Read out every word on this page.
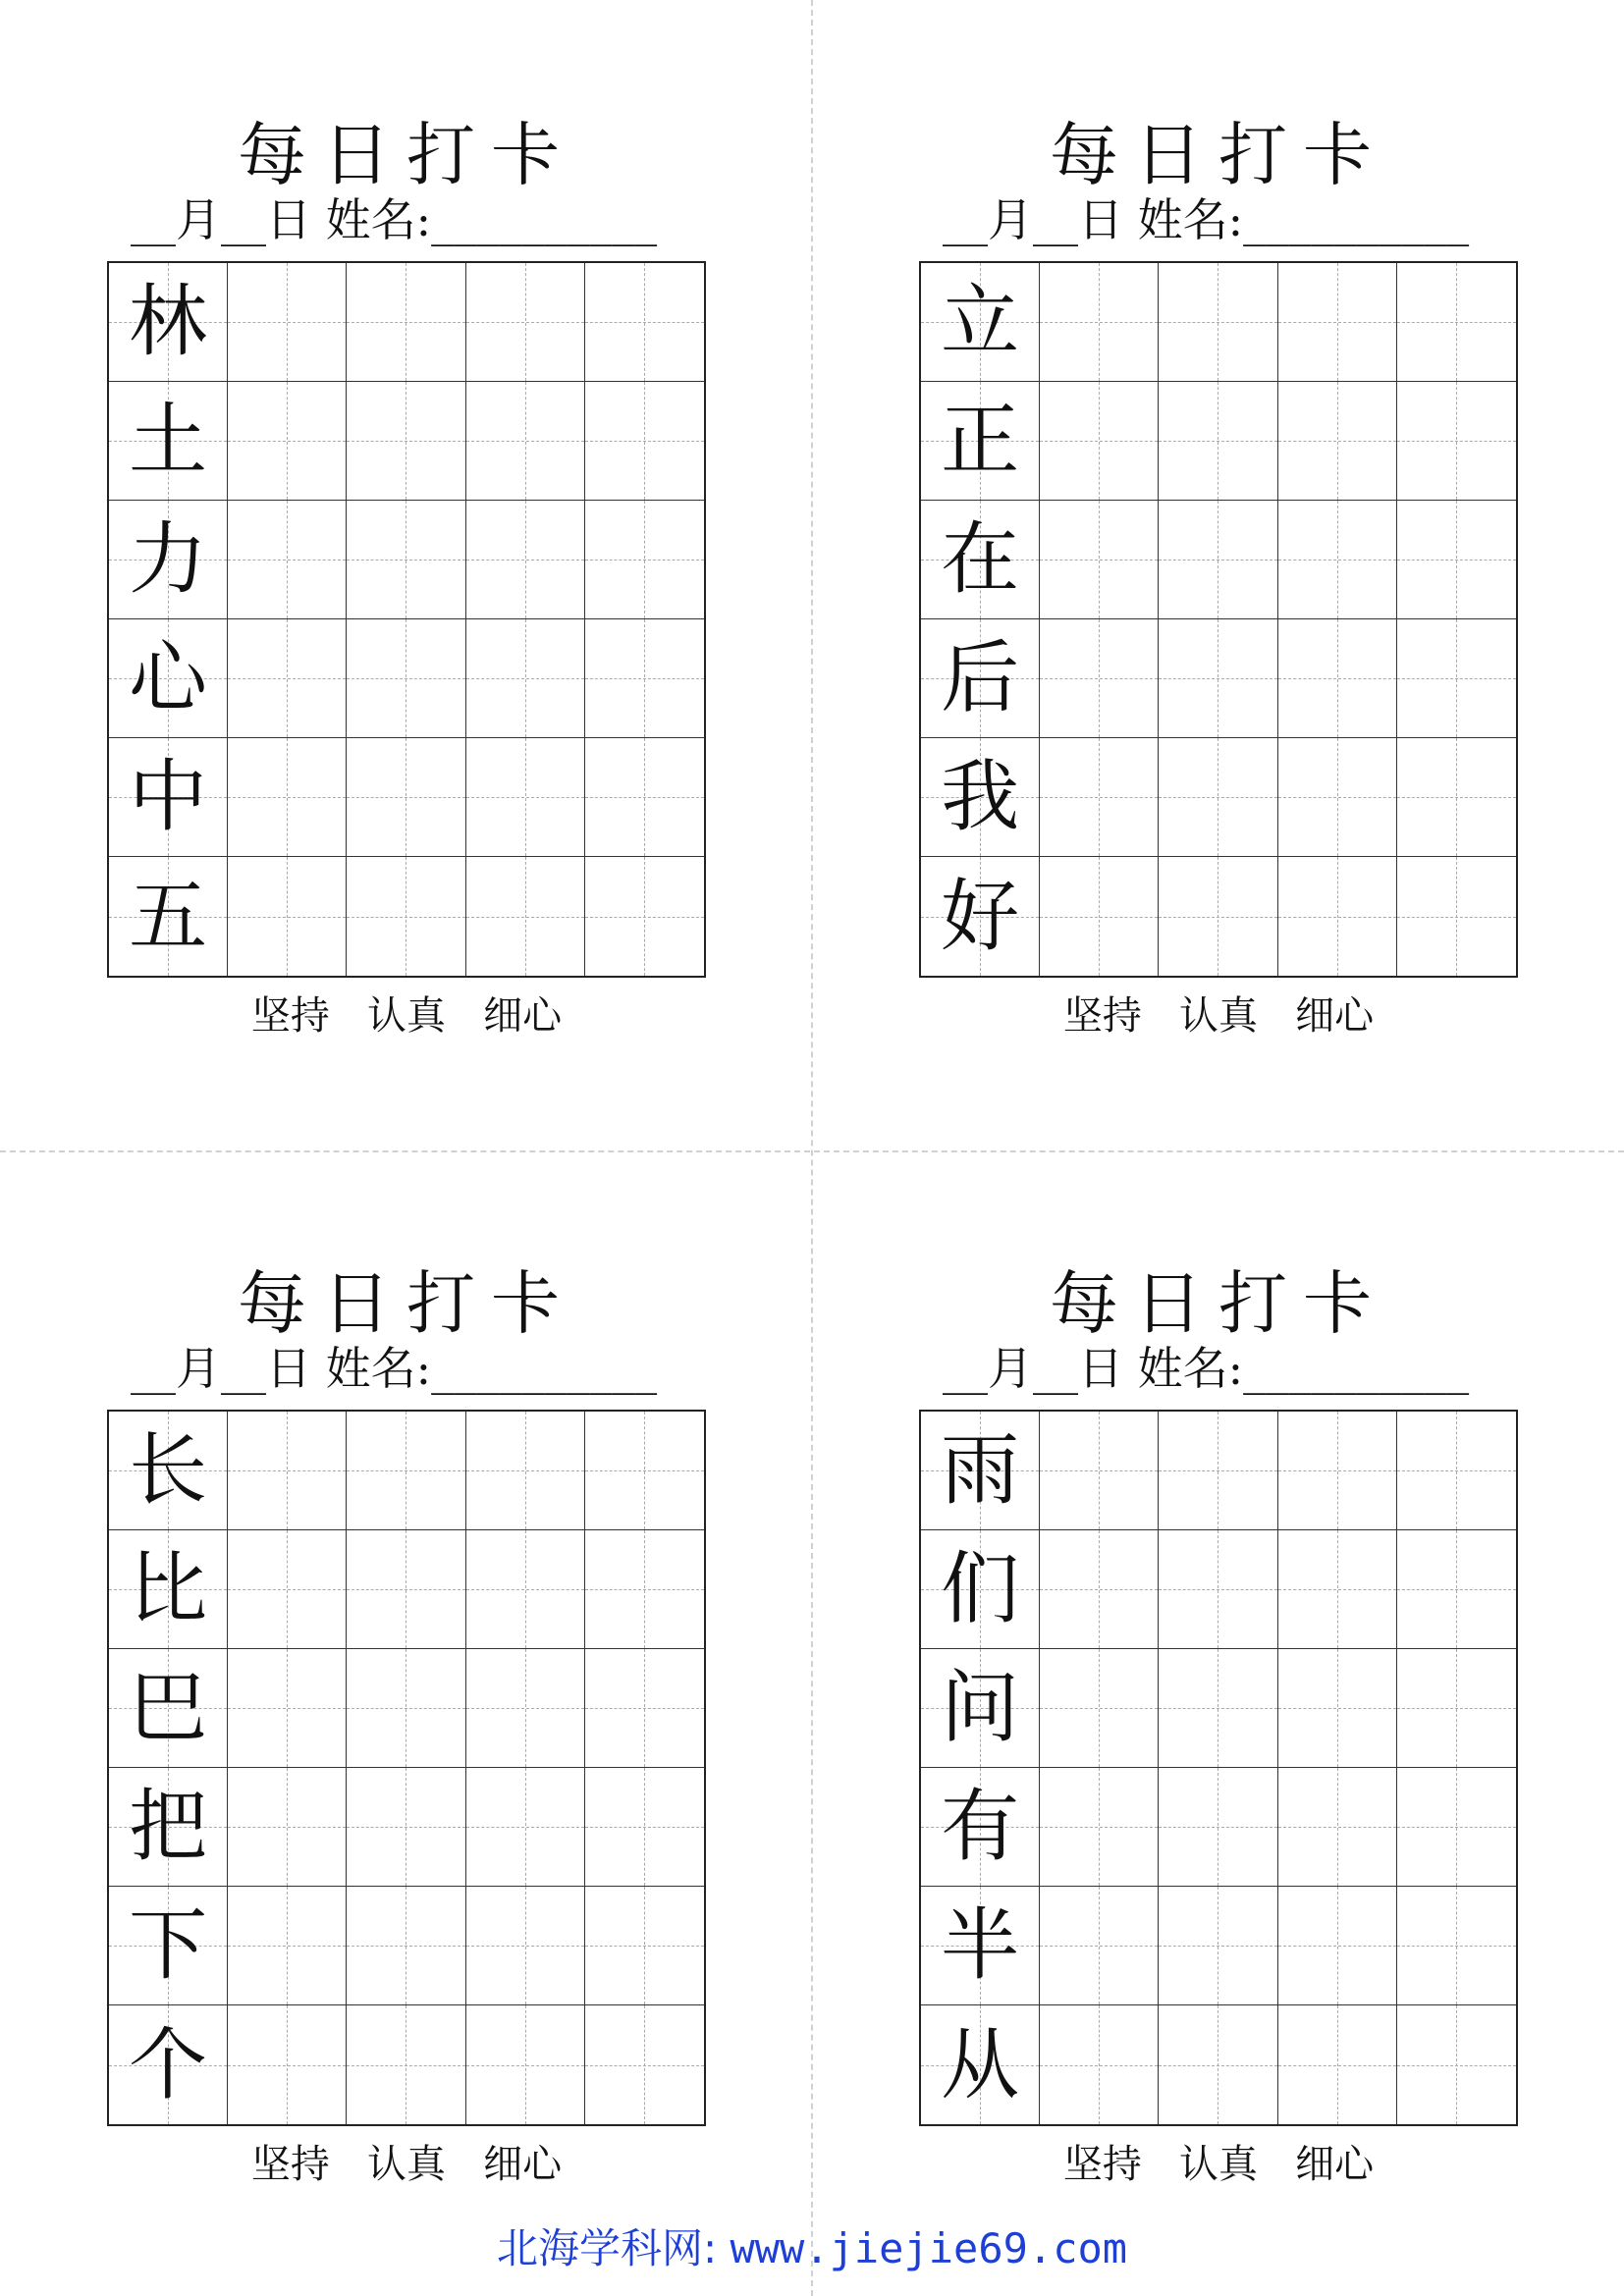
每日打卡
__月__日 姓名:__________
林
土
力
心
中
五
坚持   认真   细心
每日打卡
__月__日 姓名:__________
立
正
在
后
我
好
坚持   认真   细心
每日打卡
__月__日 姓名:__________
长
比
巴
把
下
个
坚持   认真   细心
每日打卡
__月__日 姓名:__________
雨
们
问
有
半
从
坚持   认真   细心
北海学科网: www.jiejie69.com
